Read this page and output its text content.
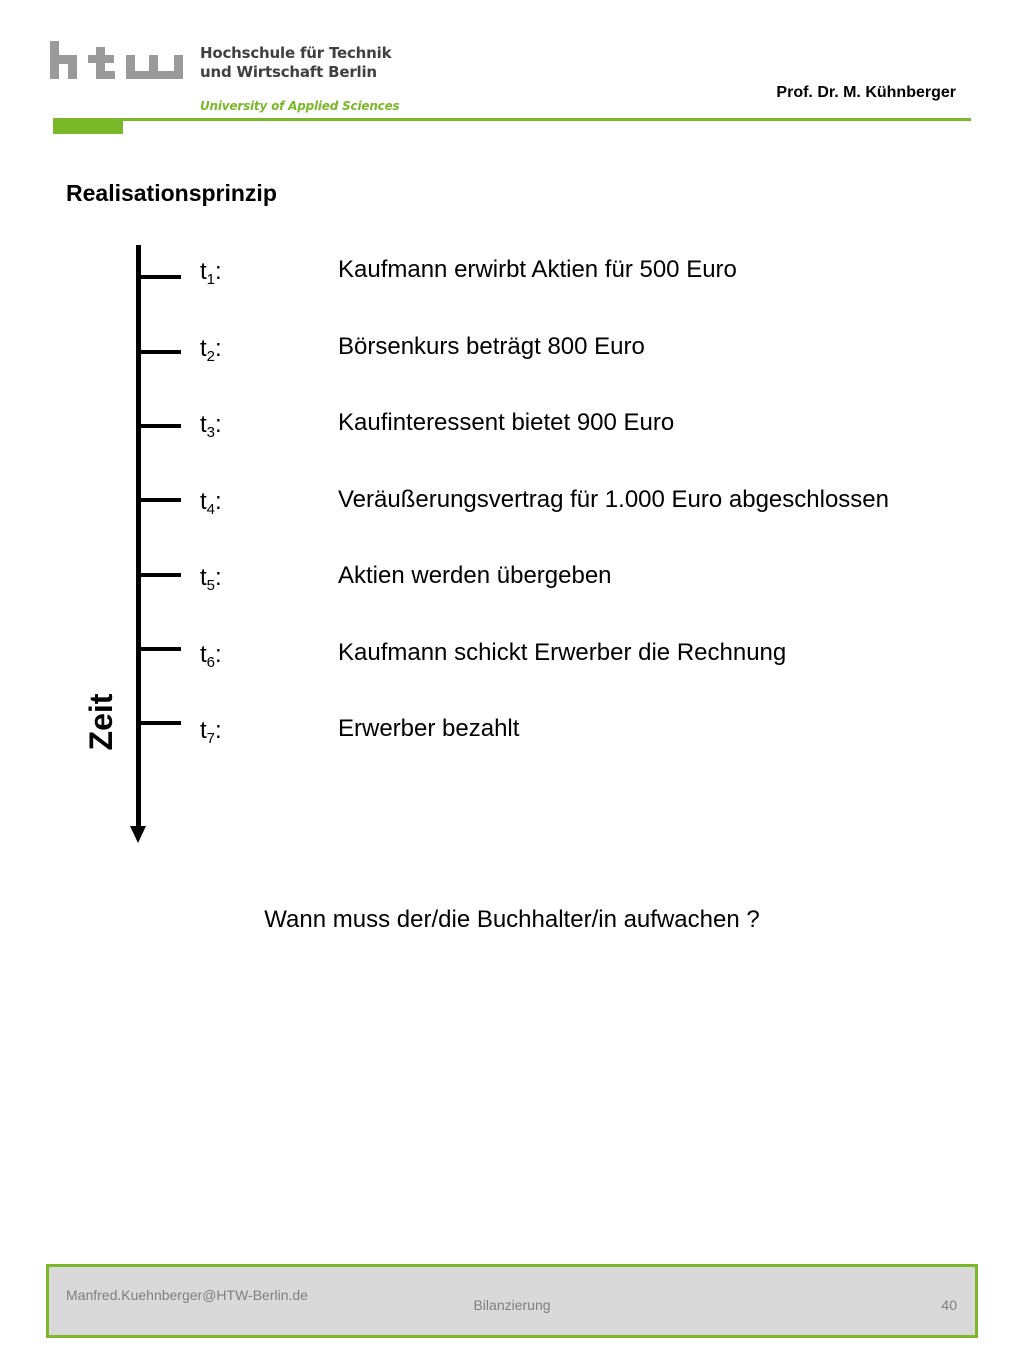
Hochschule für Technik
und Wirtschaft Berlin
University of Applied Sciences
Prof. Dr. M. Kühnberger
Realisationsprinzip
Zeit
$t_1$:	Kaufmann erwirbt Aktien für 500 Euro
$t_2$:	Börsenkurs beträgt 800 Euro
$t_3$:	Kaufinteressent bietet 900 Euro
$t_4$:	Veräußerungsvertrag für 1.000 Euro abgeschlossen
$t_5$:	Aktien werden übergeben
$t_6$:	Kaufmann schickt Erwerber die Rechnung
$t_7$:	Erwerber bezahlt
Wann muss der/die Buchhalter/in aufwachen ?
Manfred.Kuehnberger@HTW-Berlin.de
Bilanzierung	40
